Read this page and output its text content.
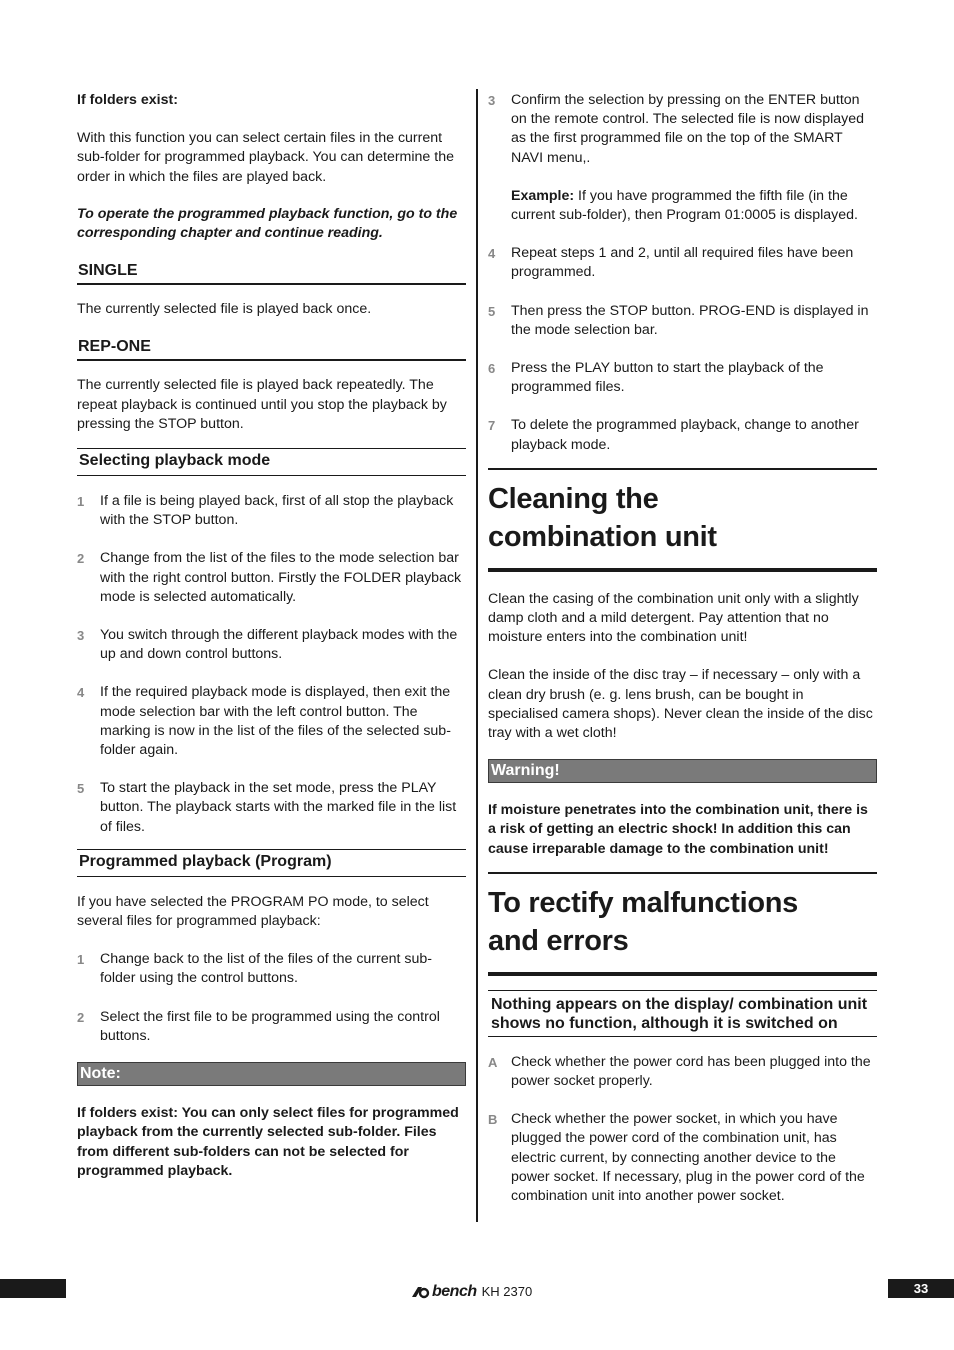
If folders exist:

With this function you can select certain files in the current sub-folder for programmed playback. You can determine the order in which the files are played back.

To operate the programmed playback function, go to the corresponding chapter and continue reading.

SINGLE

The currently selected file is played back once.

REP-ONE

The currently selected file is played back repeatedly. The repeat playback is continued until you stop the playback by pressing the STOP button.

Selecting playback mode
1 If a file is being played back, first of all stop the playback with the STOP button.
2 Change from the list of the files to the mode selection bar with the right control button. Firstly the FOLDER playback mode is selected automatically.
3 You switch through the different playback modes with the up and down control buttons.
4 If the required playback mode is displayed, then exit the mode selection bar with the left control button. The marking is now in the list of the files of the selected sub-folder again.
5 To start the playback in the set mode, press the PLAY button. The playback starts with the marked file in the list of files.
Programmed playback (Program)

If you have selected the PROGRAM PO mode, to select several files for programmed playback:

1 Change back to the list of the files of the current sub-folder using the control buttons.
2 Select the first file to be programmed using the control buttons.
Note:

If folders exist: You can only select files for programmed playback from the currently selected sub-folder. Files from different sub-folders can not be selected for programmed playback.

3 Confirm the selection by pressing on the ENTER button on the remote control. The selected file is now displayed as the first programmed file on the top of the SMART NAVI menu,.

Example: If you have programmed the fifth file (in the current sub-folder), then Program 01:0005 is displayed.

4 Repeat steps 1 and 2, until all required files have been programmed.
5 Then press the STOP button. PROG-END is displayed in the mode selection bar.
6 Press the PLAY button to start the playback of the programmed files.
7 To delete the programmed playback, change to another playback mode.
Cleaning the
combination unit

Clean the casing of the combination unit only with a slightly damp cloth and a mild detergent. Pay attention that no moisture enters into the combination unit!

Clean the inside of the disc tray – if necessary – only with a clean dry brush (e. g. lens brush, can be bought in specialised camera shops). Never clean the inside of the disc tray with a wet cloth!

Warning!

If moisture penetrates into the combination unit, there is a risk of getting an electric shock! In addition this can cause irreparable damage to the combination unit!

To rectify malfunctions
and errors
Nothing appears on the display/ combination unit shows no function, although it is switched on
A Check whether the power cord has been plugged into the power socket properly.
B Check whether the power socket, in which you have plugged the power cord of the combination unit, has electric current, by connecting another device to the power socket. If necessary, plug in the power cord of the combination unit into another power socket.
bench KH 2370	33
